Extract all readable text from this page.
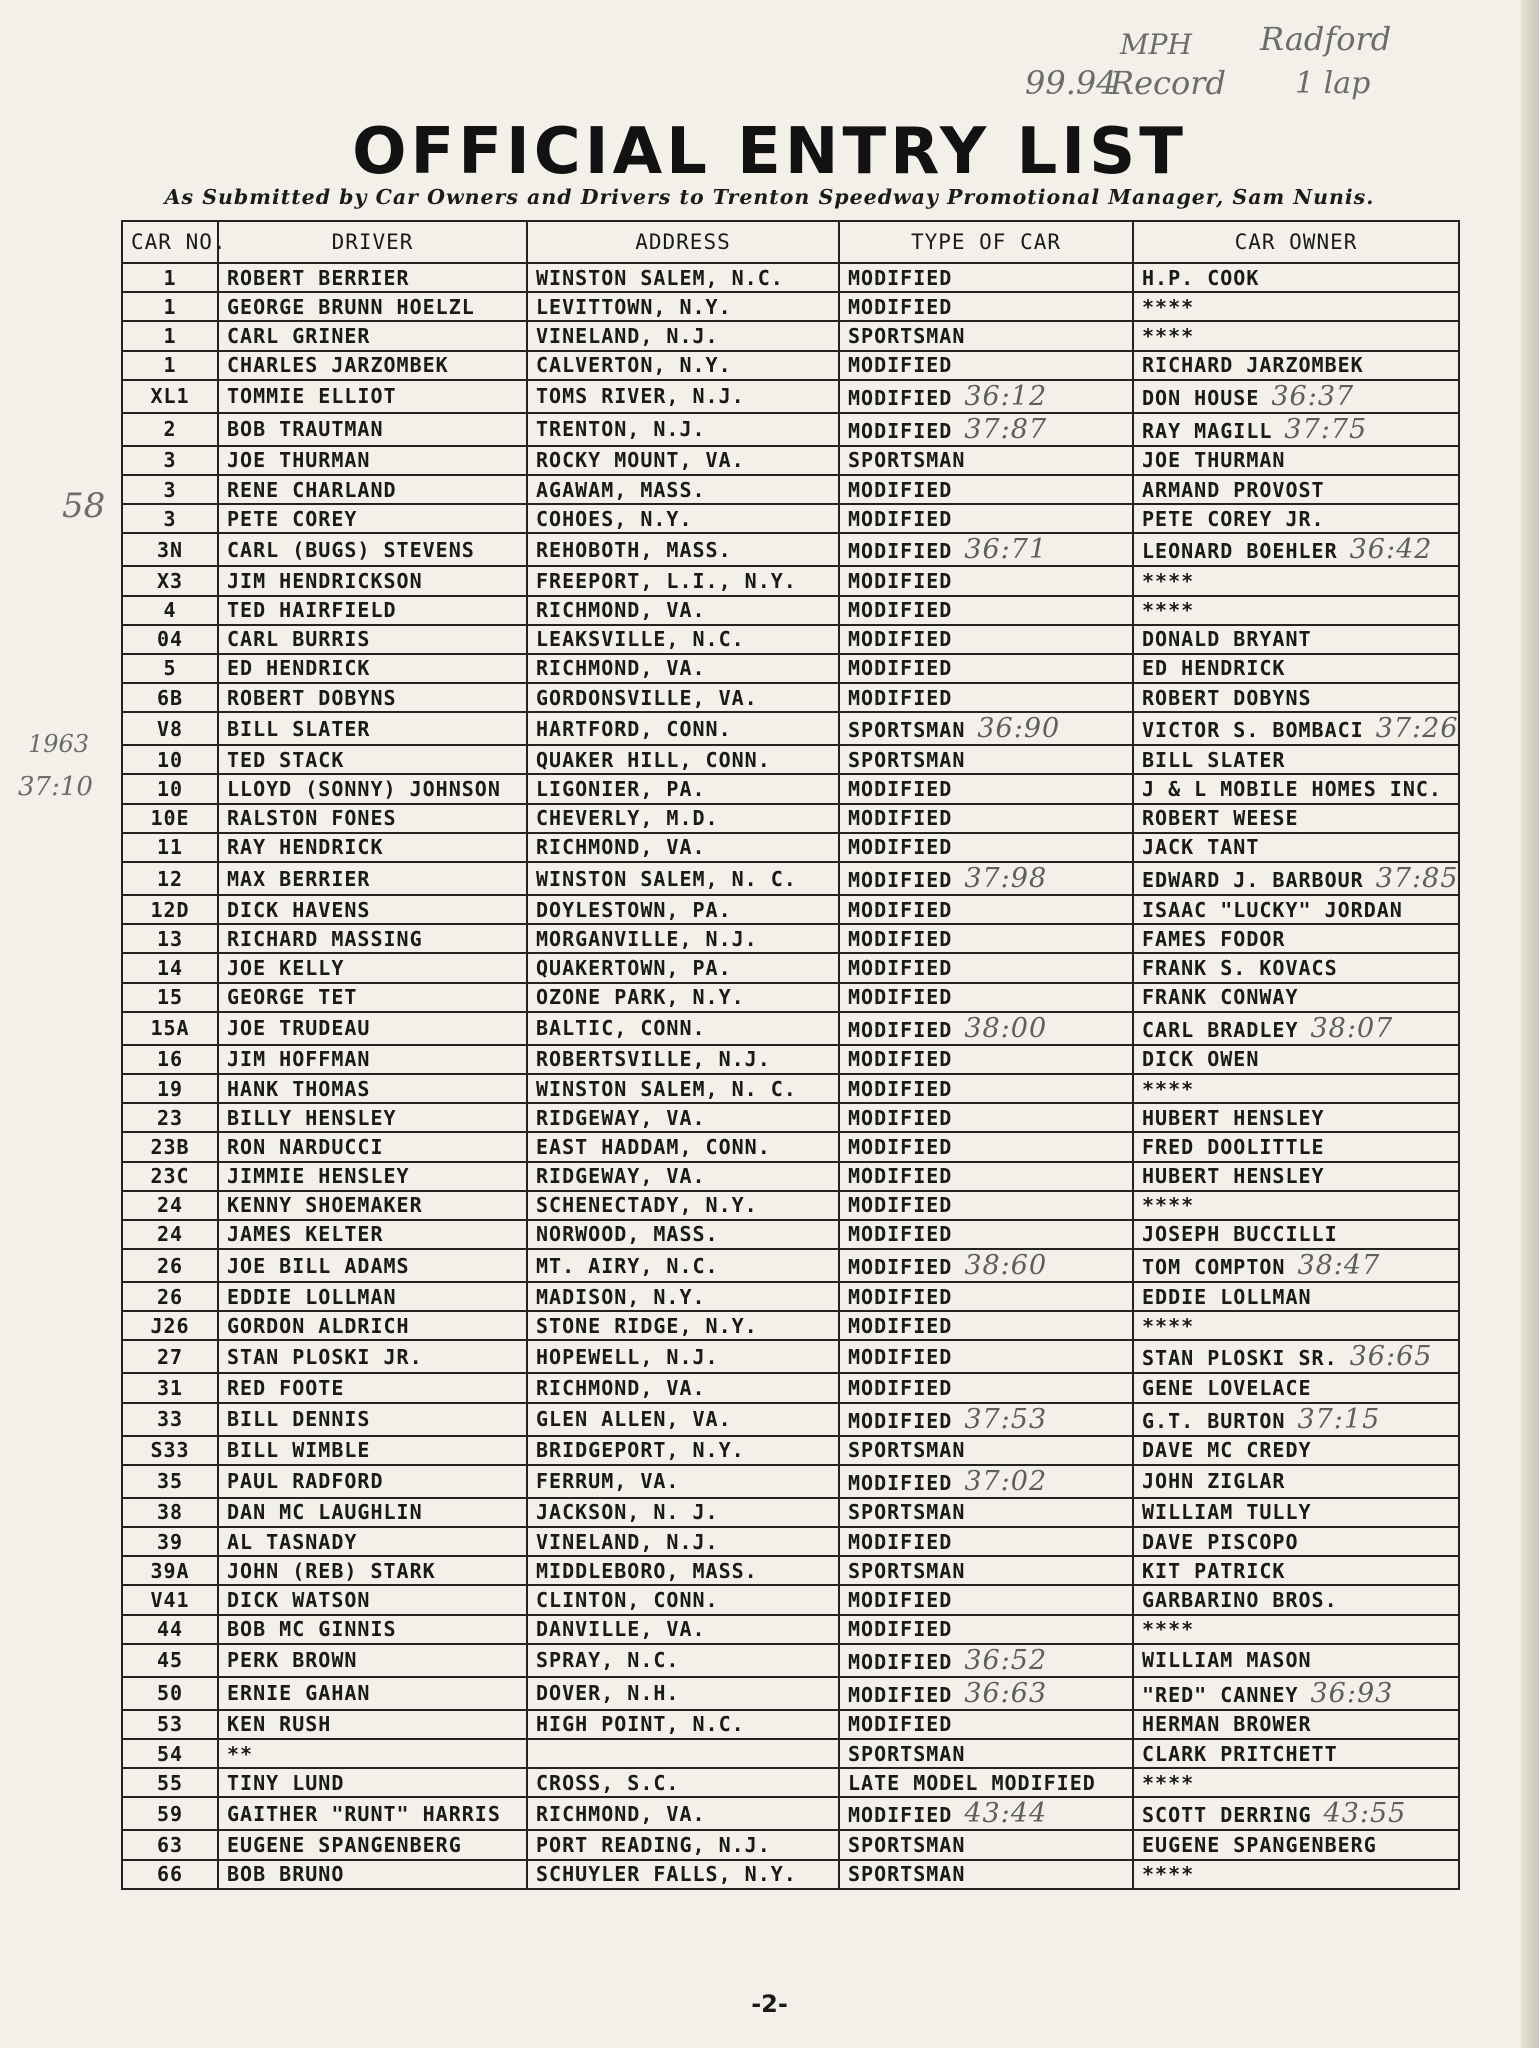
MPH Radford
99.94
Record 1 lap
58
1963
37:10
OFFICIAL ENTRY LIST
As Submitted by Car Owners and Drivers to Trenton Speedway Promotional Manager, Sam Nunis.
CAR NO.	DRIVER	ADDRESS	TYPE OF CAR	CAR OWNER
1	ROBERT BERRIER	WINSTON SALEM, N.C.	MODIFIED	H.P. COOK
1	GEORGE BRUNN HOELZL	LEVITTOWN, N.Y.	MODIFIED	****
1	CARL GRINER	VINELAND, N.J.	SPORTSMAN	****
1	CHARLES JARZOMBEK	CALVERTON, N.Y.	MODIFIED	RICHARD JARZOMBEK
XL1	TOMMIE ELLIOT	TOMS RIVER, N.J.	MODIFIED 36:12	DON HOUSE 36:37
2	BOB TRAUTMAN	TRENTON, N.J.	MODIFIED 37:87	RAY MAGILL 37:75
3	JOE THURMAN	ROCKY MOUNT, VA.	SPORTSMAN	JOE THURMAN
3	RENE CHARLAND	AGAWAM, MASS.	MODIFIED	ARMAND PROVOST
3	PETE COREY	COHOES, N.Y.	MODIFIED	PETE COREY JR.
3N	CARL (BUGS) STEVENS	REHOBOTH, MASS.	MODIFIED 36:71	LEONARD BOEHLER 36:42
X3	JIM HENDRICKSON	FREEPORT, L.I., N.Y.	MODIFIED	****
4	TED HAIRFIELD	RICHMOND, VA.	MODIFIED	****
04	CARL BURRIS	LEAKSVILLE, N.C.	MODIFIED	DONALD BRYANT
5	ED HENDRICK	RICHMOND, VA.	MODIFIED	ED HENDRICK
6B	ROBERT DOBYNS	GORDONSVILLE, VA.	MODIFIED	ROBERT DOBYNS
V8	BILL SLATER	HARTFORD, CONN.	SPORTSMAN 36:90	VICTOR S. BOMBACI 37:26
10	TED STACK	QUAKER HILL, CONN.	SPORTSMAN	BILL SLATER
10	LLOYD (SONNY) JOHNSON	LIGONIER, PA.	MODIFIED	J & L MOBILE HOMES INC.
10E	RALSTON FONES	CHEVERLY, M.D.	MODIFIED	ROBERT WEESE
11	RAY HENDRICK	RICHMOND, VA.	MODIFIED	JACK TANT
12	MAX BERRIER	WINSTON SALEM, N. C.	MODIFIED 37:98	EDWARD J. BARBOUR 37:85
12D	DICK HAVENS	DOYLESTOWN, PA.	MODIFIED	ISAAC "LUCKY" JORDAN
13	RICHARD MASSING	MORGANVILLE, N.J.	MODIFIED	FAMES FODOR
14	JOE KELLY	QUAKERTOWN, PA.	MODIFIED	FRANK S. KOVACS
15	GEORGE TET	OZONE PARK, N.Y.	MODIFIED	FRANK CONWAY
15A	JOE TRUDEAU	BALTIC, CONN.	MODIFIED 38:00	CARL BRADLEY 38:07
16	JIM HOFFMAN	ROBERTSVILLE, N.J.	MODIFIED	DICK OWEN
19	HANK THOMAS	WINSTON SALEM, N. C.	MODIFIED	****
23	BILLY HENSLEY	RIDGEWAY, VA.	MODIFIED	HUBERT HENSLEY
23B	RON NARDUCCI	EAST HADDAM, CONN.	MODIFIED	FRED DOOLITTLE
23C	JIMMIE HENSLEY	RIDGEWAY, VA.	MODIFIED	HUBERT HENSLEY
24	KENNY SHOEMAKER	SCHENECTADY, N.Y.	MODIFIED	****
24	JAMES KELTER	NORWOOD, MASS.	MODIFIED	JOSEPH BUCCILLI
26	JOE BILL ADAMS	MT. AIRY, N.C.	MODIFIED 38:60	TOM COMPTON 38:47
26	EDDIE LOLLMAN	MADISON, N.Y.	MODIFIED	EDDIE LOLLMAN
J26	GORDON ALDRICH	STONE RIDGE, N.Y.	MODIFIED	****
27	STAN PLOSKI JR.	HOPEWELL, N.J.	MODIFIED	STAN PLOSKI SR. 36:65
31	RED FOOTE	RICHMOND, VA.	MODIFIED	GENE LOVELACE
33	BILL DENNIS	GLEN ALLEN, VA.	MODIFIED 37:53	G.T. BURTON 37:15
S33	BILL WIMBLE	BRIDGEPORT, N.Y.	SPORTSMAN	DAVE MC CREDY
35	PAUL RADFORD	FERRUM, VA.	MODIFIED 37:02	JOHN ZIGLAR
38	DAN MC LAUGHLIN	JACKSON, N. J.	SPORTSMAN	WILLIAM TULLY
39	AL TASNADY	VINELAND, N.J.	MODIFIED	DAVE PISCOPO
39A	JOHN (REB) STARK	MIDDLEBORO, MASS.	SPORTSMAN	KIT PATRICK
V41	DICK WATSON	CLINTON, CONN.	MODIFIED	GARBARINO BROS.
44	BOB MC GINNIS	DANVILLE, VA.	MODIFIED	****
45	PERK BROWN	SPRAY, N.C.	MODIFIED 36:52	WILLIAM MASON
50	ERNIE GAHAN	DOVER, N.H.	MODIFIED 36:63	"RED" CANNEY 36:93
53	KEN RUSH	HIGH POINT, N.C.	MODIFIED	HERMAN BROWER
54	**		SPORTSMAN	CLARK PRITCHETT
55	TINY LUND	CROSS, S.C.	LATE MODEL MODIFIED	****
59	GAITHER "RUNT" HARRIS	RICHMOND, VA.	MODIFIED 43:44	SCOTT DERRING 43:55
63	EUGENE SPANGENBERG	PORT READING, N.J.	SPORTSMAN	EUGENE SPANGENBERG
66	BOB BRUNO	SCHUYLER FALLS, N.Y.	SPORTSMAN	****
-2-
